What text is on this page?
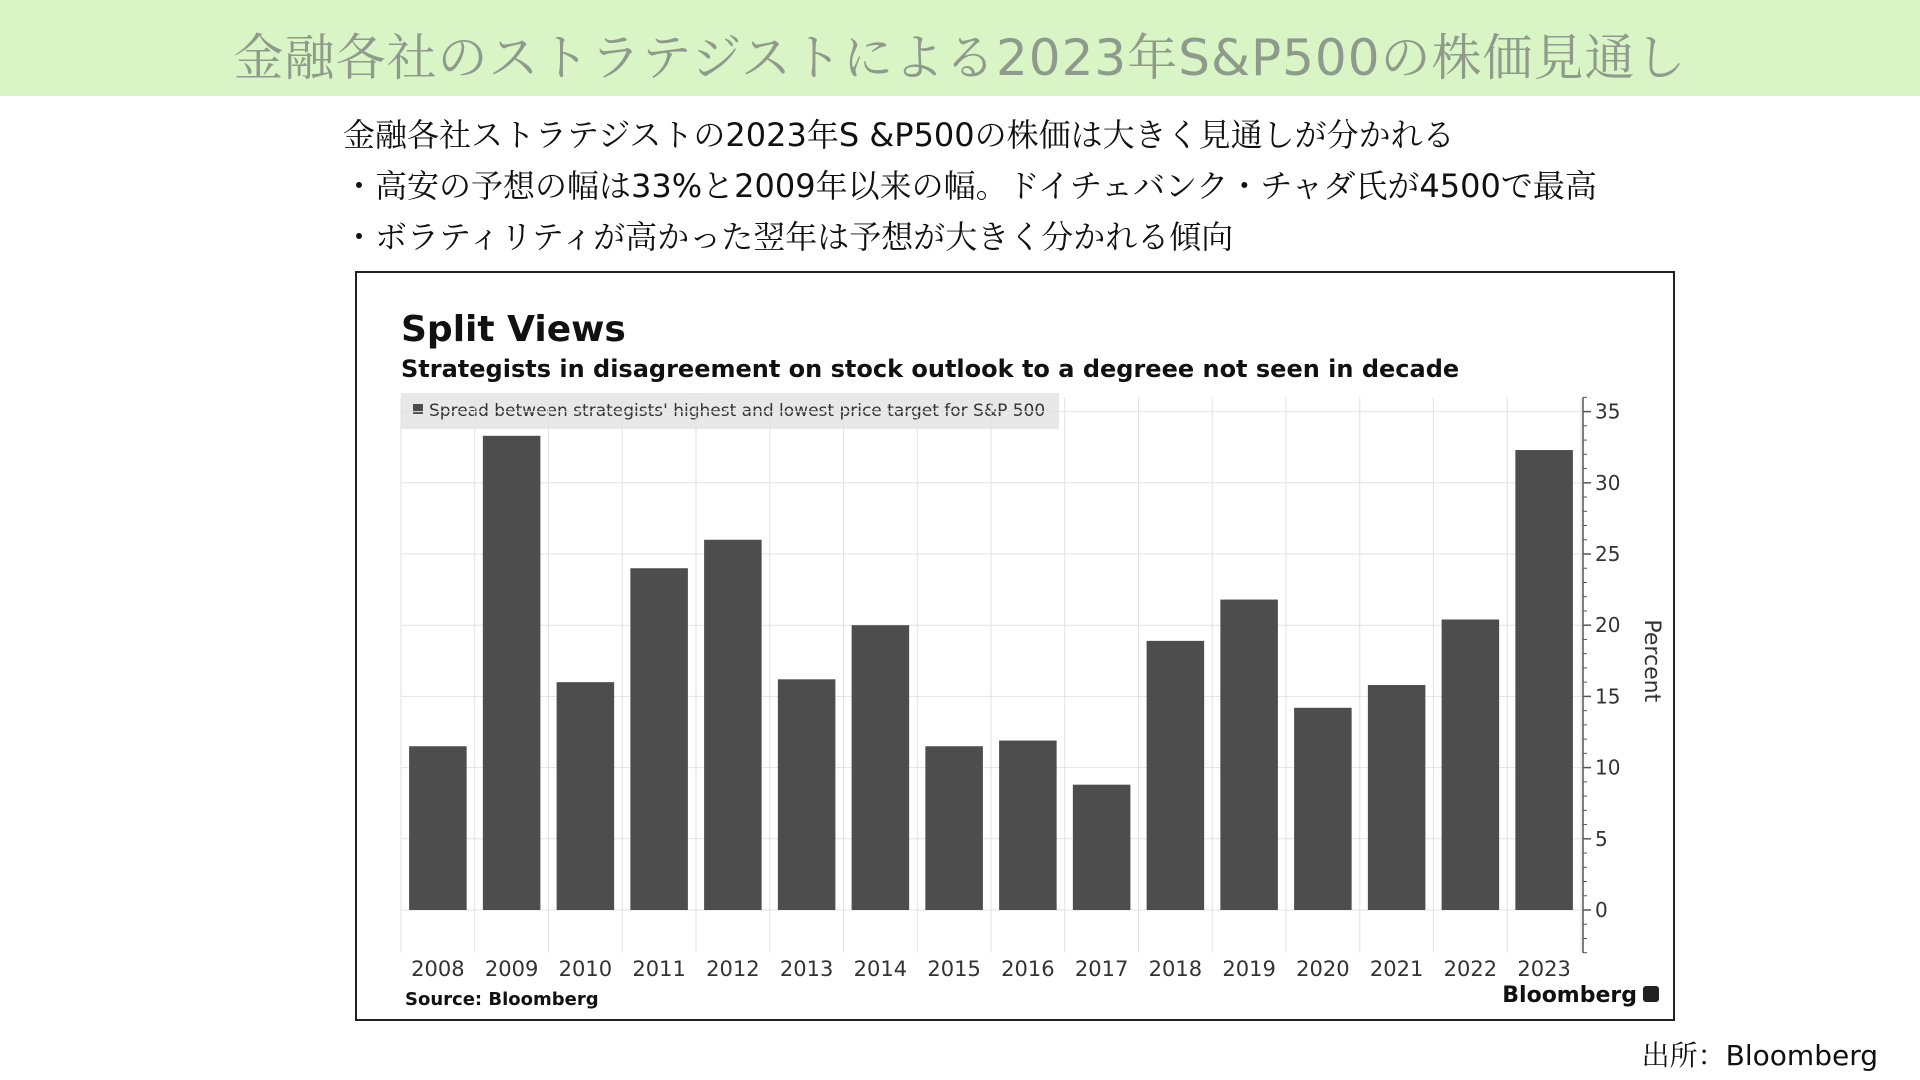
金融各社のストラテジストによる2023年S&P500の株価見通し
金融各社ストラテジストの2023年S &P500の株価は大きく見通しが分かれる
・高安の予想の幅は33%と2009年以来の幅。ドイチェバンク・チャダ氏が4500で最高
・ボラティリティが高かった翌年は予想が大きく分かれる傾向
Split Views
Strategists in disagreement on stock outlook to a degreee not seen in decade
Spread between strategists' highest and lowest price target for S&P 500
0
5
10
15
20
25
30
35
Percent
2008 2009 2010 2011 2012 2013 2014 2015 2016 2017 2018 2019 2020 2021 2022 2023
Source: Bloomberg	Bloomberg
出所：Bloomberg
